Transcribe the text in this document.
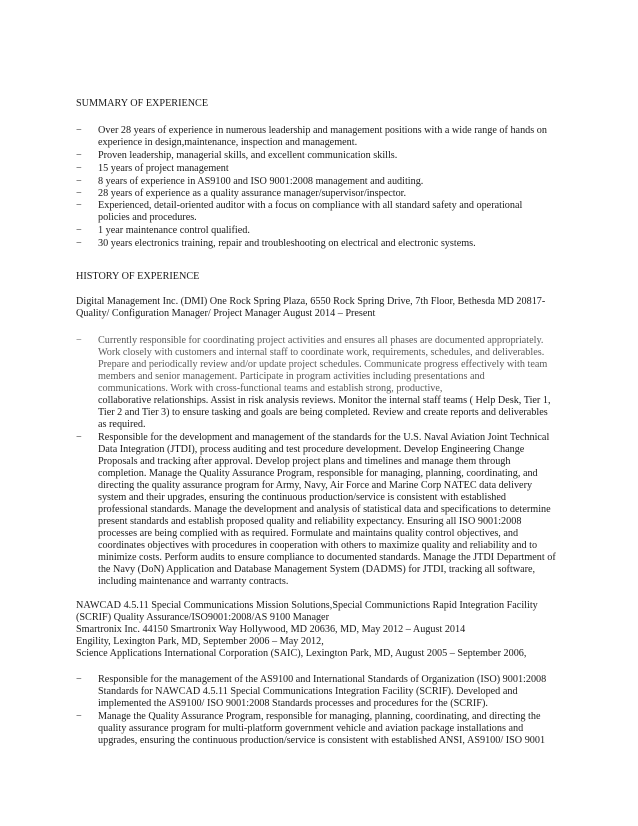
SUMMARY OF EXPERIENCE
− Over 28 years of experience in numerous leadership and management positions with a wide range of hands on experience in design,maintenance, inspection and management.
− Proven leadership, managerial skills, and excellent communication skills.
− 15 years of project management
− 8 years of experience in AS9100 and ISO 9001:2008 management and auditing.
− 28 years of experience as a quality assurance manager/supervisor/inspector.
− Experienced, detail-oriented auditor with a focus on compliance with all standard safety and operational policies and procedures.
− 1 year maintenance control qualified.
− 30 years electronics training, repair and troubleshooting on electrical and electronic systems.
HISTORY OF EXPERIENCE
Digital Management Inc. (DMI) One Rock Spring Plaza, 6550 Rock Spring Drive, 7th Floor, Bethesda MD 20817-
Quality/ Configuration Manager/ Project Manager August 2014 – Present
− Currently responsible for coordinating project activities and ensures all phases are documented appropriately. Work closely with customers and internal staff to coordinate work, requirements, schedules, and deliverables. Prepare and periodically review and/or update project schedules. Communicate progress effectively with team members and senior management. Participate in program activities including presentations and communications. Work with cross-functional teams and establish strong, productive,
collaborative relationships. Assist in risk analysis reviews. Monitor the internal staff teams ( Help Desk, Tier 1, Tier 2 and Tier 3) to ensure tasking and goals are being completed. Review and create reports and deliverables as required.
− Responsible for the development and management of the standards for the U.S. Naval Aviation Joint Technical Data Integration (JTDI), process auditing and test procedure development. Develop Engineering Change Proposals and tracking after approval. Develop project plans and timelines and manage them through completion. Manage the Quality Assurance Program, responsible for managing, planning, coordinating, and directing the quality assurance program for Army, Navy, Air Force and Marine Corp NATEC data delivery system and their upgrades, ensuring the continuous production/service is consistent with established professional standards. Manage the development and analysis of statistical data and specifications to determine present standards and establish proposed quality and reliability expectancy. Ensuring all ISO 9001:2008 processes are being complied with as required. Formulate and maintains quality control objectives, and coordinates objectives with procedures in cooperation with others to maximize quality and reliability and to minimize costs. Perform audits to ensure compliance to documented standards. Manage the JTDI Department of the Navy (DoN) Application and Database Management System (DADMS) for JTDI, tracking all software, including maintenance and warranty contracts.
NAWCAD 4.5.11 Special Communications Mission Solutions,Special Communictions Rapid Integration Facility
(SCRIF) Quality Assurance/ISO9001:2008/AS 9100 Manager
Smartronix Inc. 44150 Smartronix Way Hollywood, MD 20636, MD, May 2012 – August 2014
Engility, Lexington Park, MD, September 2006 – May 2012,
Science Applications International Corporation (SAIC), Lexington Park, MD, August 2005 – September 2006,
− Responsible for the management of the AS9100 and International Standards of Organization (ISO) 9001:2008 Standards for NAWCAD 4.5.11 Special Communications Integration Facility (SCRIF). Developed and implemented the AS9100/ ISO 9001:2008 Standards processes and procedures for the (SCRIF).
− Manage the Quality Assurance Program, responsible for managing, planning, coordinating, and directing the quality assurance program for multi-platform government vehicle and aviation package installations and upgrades, ensuring the continuous production/service is consistent with established ANSI, AS9100/ ISO 9001
